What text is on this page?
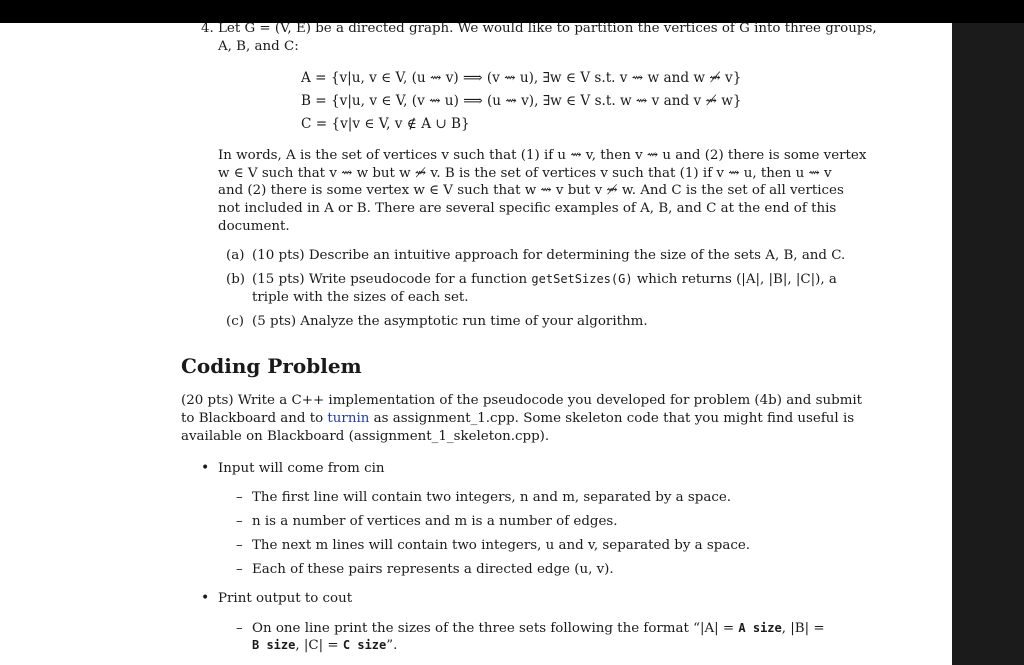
4. Let G = (V, E) be a directed graph. We would like to partition the vertices of G into three groups,
A, B, and C:
A = {v|u, v ∈ V, (u ⇝ v) ⟹ (v ⇝ u), ∃w ∈ V s.t. v ⇝ w and w ⇝̸ v}
B = {v|u, v ∈ V, (v ⇝ u) ⟹ (u ⇝ v), ∃w ∈ V s.t. w ⇝ v and v ⇝̸ w}
C = {v|v ∈ V, v ∉ A ∪ B}
In words, A is the set of vertices v such that (1) if u ⇝ v, then v ⇝ u and (2) there is some vertex
w ∈ V such that v ⇝ w but w ⇝̸ v. B is the set of vertices v such that (1) if v ⇝ u, then u ⇝ v
and (2) there is some vertex w ∈ V such that w ⇝ v but v ⇝̸ w. And C is the set of all vertices
not included in A or B. There are several specific examples of A, B, and C at the end of this
document.
(a) (10 pts) Describe an intuitive approach for determining the size of the sets A, B, and C.
(b) (15 pts) Write pseudocode for a function getSetSizes(G) which returns (|A|, |B|, |C|), a
triple with the sizes of each set.
(c) (5 pts) Analyze the asymptotic run time of your algorithm.
Coding Problem
(20 pts) Write a C++ implementation of the pseudocode you developed for problem (4b) and submit
to Blackboard and to turnin as assignment_1.cpp. Some skeleton code that you might find useful is
available on Blackboard (assignment_1_skeleton.cpp).
• Input will come from cin
– The first line will contain two integers, n and m, separated by a space.
– n is a number of vertices and m is a number of edges.
– The next m lines will contain two integers, u and v, separated by a space.
– Each of these pairs represents a directed edge (u, v).
• Print output to cout
– On one line print the sizes of the three sets following the format “|A| = A size, |B| =
B size, |C| = C size”.
